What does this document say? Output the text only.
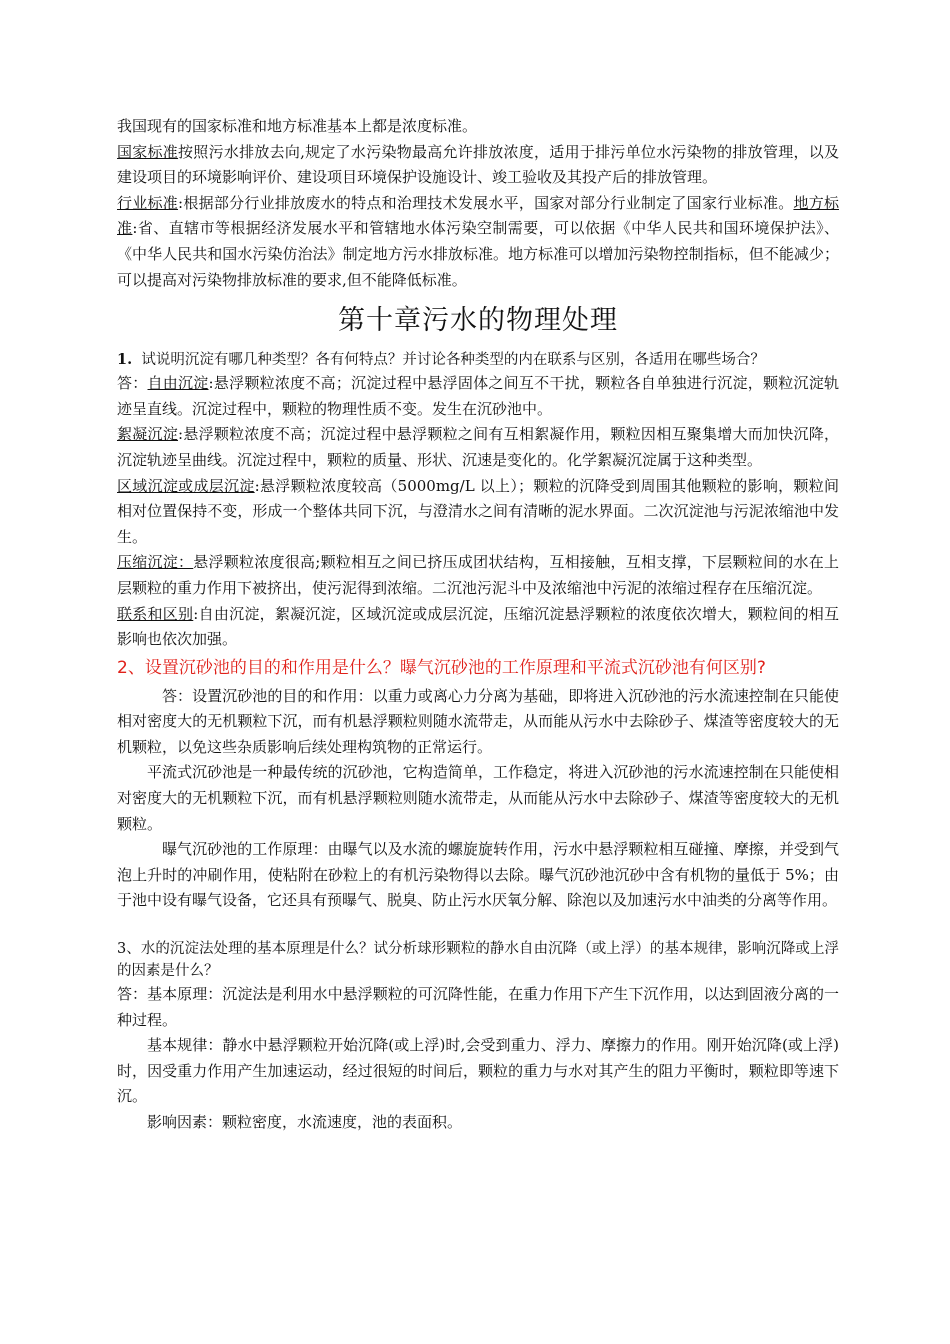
我国现有的国家标准和地方标准基本上都是浓度标准。

国家标准按照污水排放去向,规定了水污染物最高允许排放浓度，适用于排污单位水污染物的排放管理，以及建设项目的环境影响评价、建设项目环境保护设施设计、竣工验收及其投产后的排放管理。

行业标准:根据部分行业排放废水的特点和治理技术发展水平，国家对部分行业制定了国家行业标准。地方标准:省、直辖市等根据经济发展水平和管辖地水体污染空制需要，可以依据《中华人民共和国环境保护法》、《中华人民共和国水污染仿治法》制定地方污水排放标准。地方标准可以增加污染物控制指标，但不能减少；可以提高对污染物排放标准的要求,但不能降低标准。

第十章污水的物理处理

1. 试说明沉淀有哪几种类型？各有何特点？并讨论各种类型的内在联系与区别，各适用在哪些场合？

答：自由沉淀:悬浮颗粒浓度不高；沉淀过程中悬浮固体之间互不干扰，颗粒各自单独进行沉淀，颗粒沉淀轨迹呈直线。沉淀过程中，颗粒的物理性质不变。发生在沉砂池中。

絮凝沉淀:悬浮颗粒浓度不高；沉淀过程中悬浮颗粒之间有互相絮凝作用，颗粒因相互聚集增大而加快沉降，沉淀轨迹呈曲线。沉淀过程中，颗粒的质量、形状、沉速是变化的。化学絮凝沉淀属于这种类型。

区域沉淀或成层沉淀:悬浮颗粒浓度较高（5000mg/L 以上）；颗粒的沉降受到周围其他颗粒的影响，颗粒间相对位置保持不变，形成一个整体共同下沉，与澄清水之间有清晰的泥水界面。二次沉淀池与污泥浓缩池中发生。

压缩沉淀：悬浮颗粒浓度很高;颗粒相互之间已挤压成团状结构，互相接触，互相支撑，下层颗粒间的水在上层颗粒的重力作用下被挤出，使污泥得到浓缩。二沉池污泥斗中及浓缩池中污泥的浓缩过程存在压缩沉淀。

联系和区别:自由沉淀，絮凝沉淀，区域沉淀或成层沉淀，压缩沉淀悬浮颗粒的浓度依次增大，颗粒间的相互影响也依次加强。

2、设置沉砂池的目的和作用是什么？曝气沉砂池的工作原理和平流式沉砂池有何区别?

答：设置沉砂池的目的和作用：以重力或离心力分离为基础，即将进入沉砂池的污水流速控制在只能使相对密度大的无机颗粒下沉，而有机悬浮颗粒则随水流带走，从而能从污水中去除砂子、煤渣等密度较大的无机颗粒，以免这些杂质影响后续处理构筑物的正常运行。

平流式沉砂池是一种最传统的沉砂池，它构造简单，工作稳定，将进入沉砂池的污水流速控制在只能使相对密度大的无机颗粒下沉，而有机悬浮颗粒则随水流带走，从而能从污水中去除砂子、煤渣等密度较大的无机颗粒。

曝气沉砂池的工作原理：由曝气以及水流的螺旋旋转作用，污水中悬浮颗粒相互碰撞、摩擦，并受到气泡上升时的冲刷作用，使粘附在砂粒上的有机污染物得以去除。曝气沉砂池沉砂中含有机物的量低于 5%；由于池中设有曝气设备，它还具有预曝气、脱臭、防止污水厌氧分解、除泡以及加速污水中油类的分离等作用。

3、水的沉淀法处理的基本原理是什么？试分析球形颗粒的静水自由沉降（或上浮）的基本规律，影响沉降或上浮的因素是什么？

答：基本原理：沉淀法是利用水中悬浮颗粒的可沉降性能，在重力作用下产生下沉作用，以达到固液分离的一种过程。

基本规律：静水中悬浮颗粒开始沉降(或上浮)时,会受到重力、浮力、摩擦力的作用。刚开始沉降(或上浮)时，因受重力作用产生加速运动，经过很短的时间后，颗粒的重力与水对其产生的阻力平衡时，颗粒即等速下沉。

影响因素：颗粒密度，水流速度，池的表面积。
